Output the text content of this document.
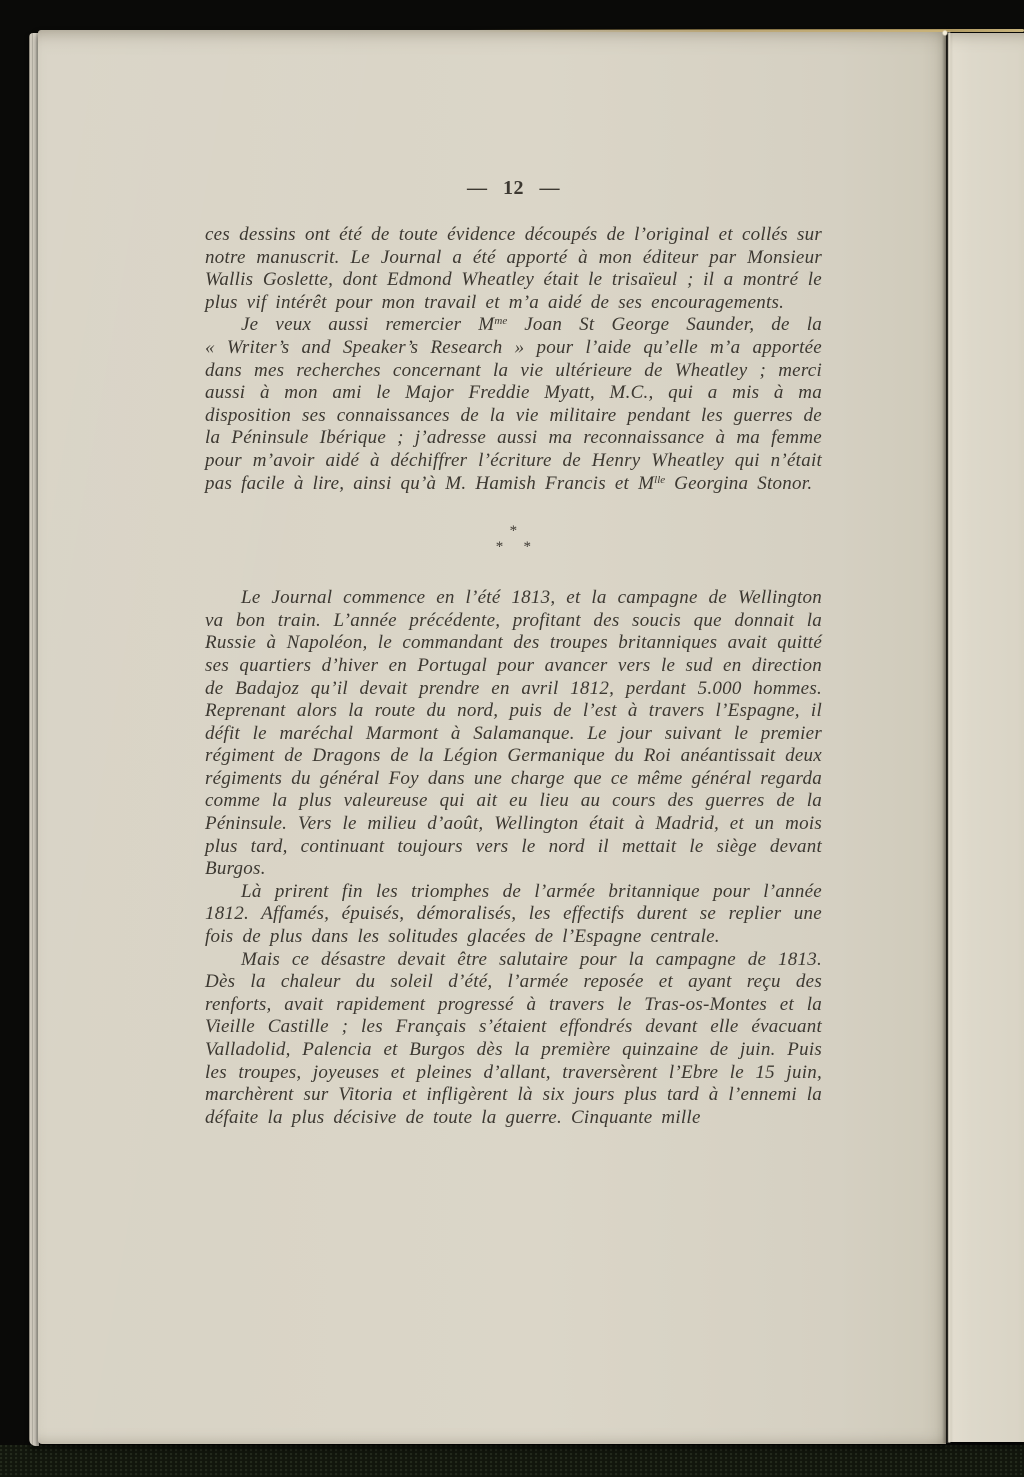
— 12 —

ces dessins ont été de toute évidence découpés de l’original et collés sur notre manuscrit. Le Journal a été apporté à mon éditeur par Monsieur Wallis Goslette, dont Edmond Wheatley était le trisaïeul ; il a montré le plus vif intérêt pour mon travail et m’a aidé de ses encouragements.

Je veux aussi remercier $M^{me}$ Joan St George Saunder, de la « Writer’s and Speaker’s Research » pour l’aide qu’elle m’a apportée dans mes recherches concernant la vie ultérieure de Wheatley ; merci aussi à mon ami le Major Freddie Myatt, M.C., qui a mis à ma disposition ses connaissances de la vie militaire pendant les guerres de la Péninsule Ibérique ; j’adresse aussi ma reconnaissance à ma femme pour m’avoir aidé à déchiffrer l’écriture de Henry Wheatley qui n’était pas facile à lire, ainsi qu’à M. Hamish Francis et $M^{lle}$ Georgina Stonor.

*
* *

Le Journal commence en l’été 1813, et la campagne de Wellington va bon train. L’année précédente, profitant des soucis que donnait la Russie à Napoléon, le commandant des troupes britanniques avait quitté ses quartiers d’hiver en Portugal pour avancer vers le sud en direction de Badajoz qu’il devait prendre en avril 1812, perdant 5.000 hommes. Reprenant alors la route du nord, puis de l’est à travers l’Espagne, il défit le maréchal Marmont à Salamanque. Le jour suivant le premier régiment de Dragons de la Légion Germanique du Roi anéantissait deux régiments du général Foy dans une charge que ce même général regarda comme la plus valeureuse qui ait eu lieu au cours des guerres de la Péninsule. Vers le milieu d’août, Wellington était à Madrid, et un mois plus tard, continuant toujours vers le nord il mettait le siège devant Burgos.

Là prirent fin les triomphes de l’armée britannique pour l’année 1812. Affamés, épuisés, démoralisés, les effectifs durent se replier une fois de plus dans les solitudes glacées de l’Espagne centrale.

Mais ce désastre devait être salutaire pour la campagne de 1813. Dès la chaleur du soleil d’été, l’armée reposée et ayant reçu des renforts, avait rapidement progressé à travers le Tras-os-Montes et la Vieille Castille ; les Français s’étaient effondrés devant elle évacuant Valladolid, Palencia et Burgos dès la première quinzaine de juin. Puis les troupes, joyeuses et pleines d’allant, traversèrent l’Ebre le 15 juin, marchèrent sur Vitoria et infligèrent là six jours plus tard à l’ennemi la défaite la plus décisive de toute la guerre. Cinquante mille
